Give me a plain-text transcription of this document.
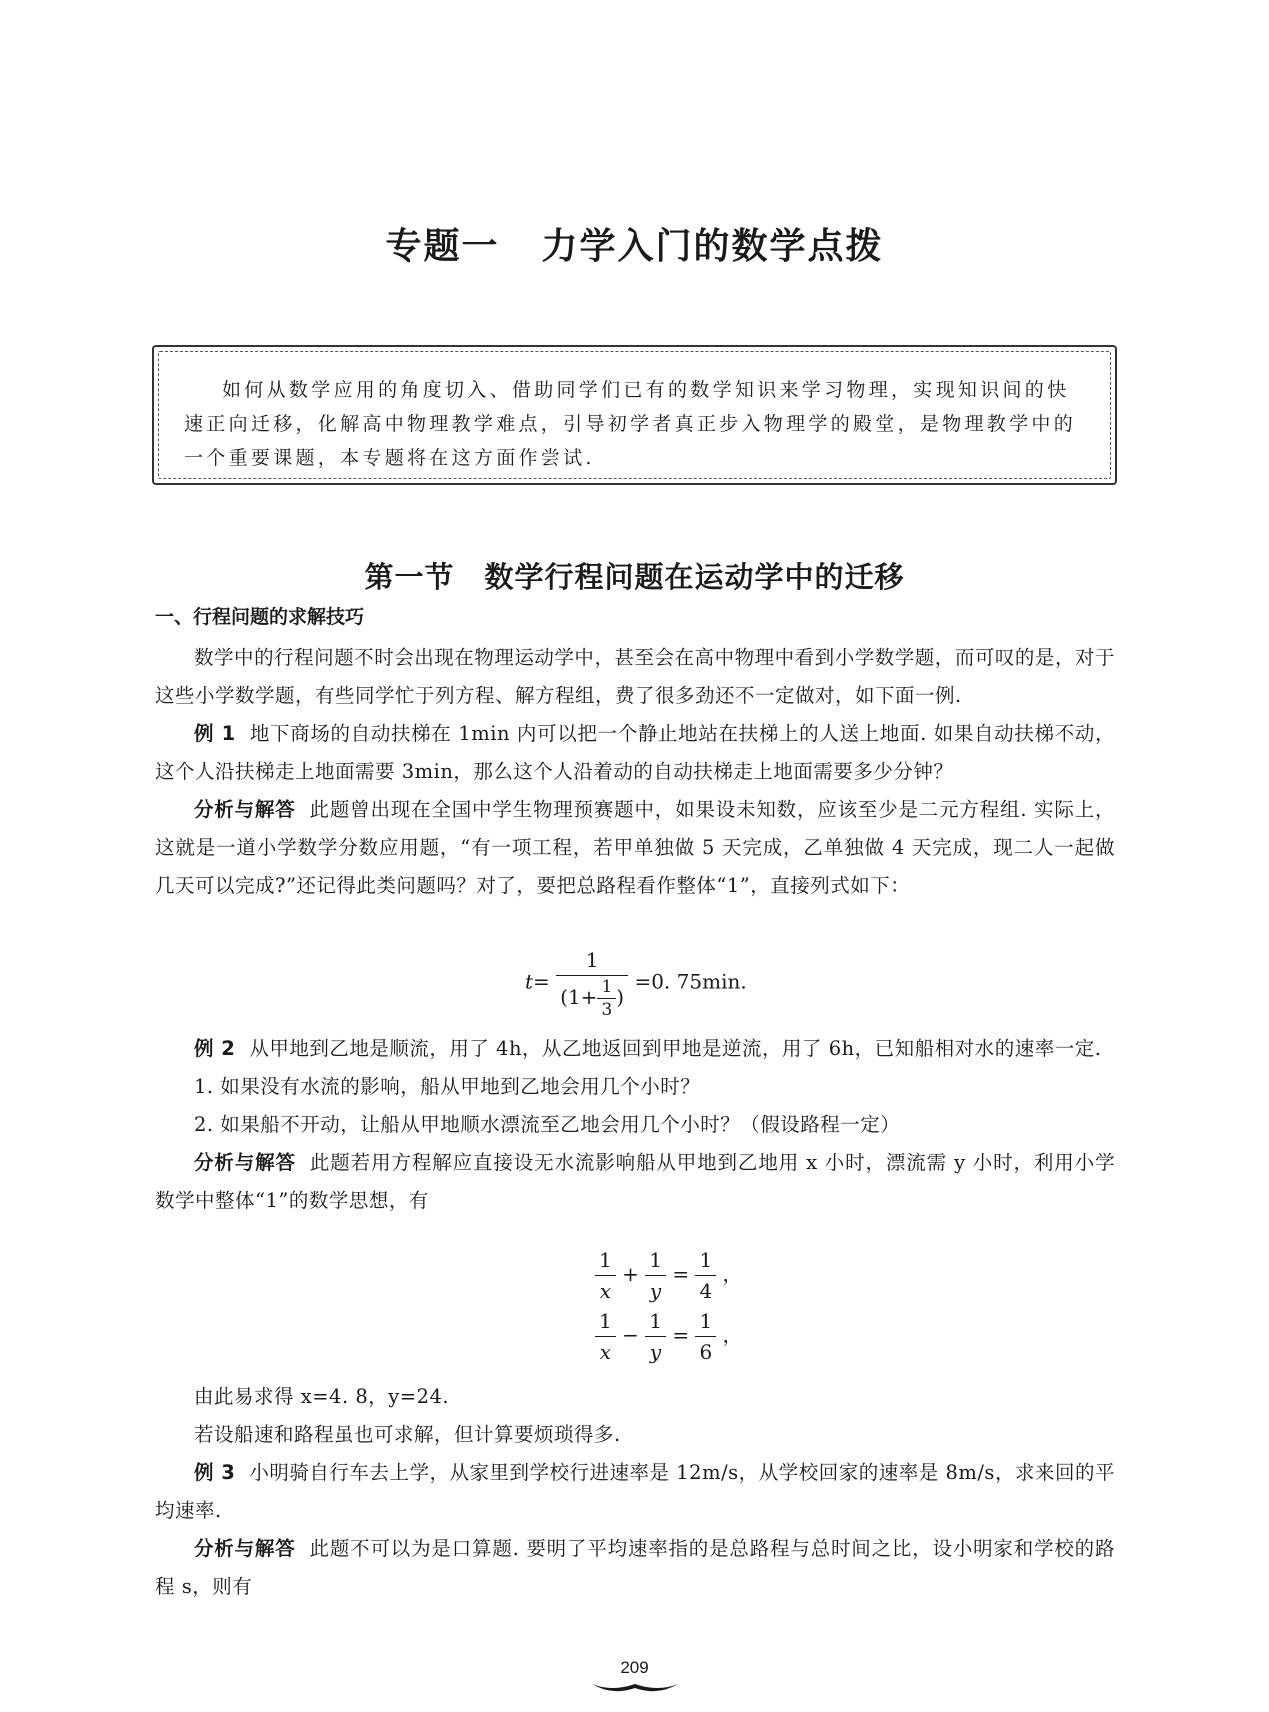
专题一 力学入门的数学点拨

如何从数学应用的角度切入、借助同学们已有的数学知识来学习物理，实现知识间的快速正向迁移，化解高中物理教学难点，引导初学者真正步入物理学的殿堂，是物理教学中的一个重要课题，本专题将在这方面作尝试.

第一节 数学行程问题在运动学中的迁移

一、行程问题的求解技巧

数学中的行程问题不时会出现在物理运动学中，甚至会在高中物理中看到小学数学题，而可叹的是，对于这些小学数学题，有些同学忙于列方程、解方程组，费了很多劲还不一定做对，如下面一例.

例 1 地下商场的自动扶梯在 1min 内可以把一个静止地站在扶梯上的人送上地面. 如果自动扶梯不动，这个人沿扶梯走上地面需要 3min，那么这个人沿着动的自动扶梯走上地面需要多少分钟？

分析与解答 此题曾出现在全国中学生物理预赛题中，如果设未知数，应该至少是二元方程组. 实际上，这就是一道小学数学分数应用题，“有一项工程，若甲单独做 5 天完成，乙单独做 4 天完成，现二人一起做几天可以完成?”还记得此类问题吗？对了，要把总路程看作整体“1”，直接列式如下：

$t= \frac{1}{(1+ \frac{1}{3} )} =0$. 75min.

例 2 从甲地到乙地是顺流，用了 4h，从乙地返回到甲地是逆流，用了 6h，已知船相对水的速率一定.

1. 如果没有水流的影响，船从甲地到乙地会用几个小时？

2. 如果船不开动，让船从甲地顺水漂流至乙地会用几个小时？（假设路程一定）

分析与解答 此题若用方程解应直接设无水流影响船从甲地到乙地用 x 小时，漂流需 y 小时，利用小学数学中整体“1”的数学思想，有

$\frac{1}{x} + \frac{1}{y} = \frac{1}{4}$ ，
$\frac{1}{x} - \frac{1}{y} = \frac{1}{6}$ ，

由此易求得 x=4. 8，y=24.

若设船速和路程虽也可求解，但计算要烦琐得多.

例 3 小明骑自行车去上学，从家里到学校行进速率是 12m/s，从学校回家的速率是 8m/s，求来回的平均速率.

分析与解答 此题不可以为是口算题. 要明了平均速率指的是总路程与总时间之比，设小明家和学校的路程 s，则有

209
